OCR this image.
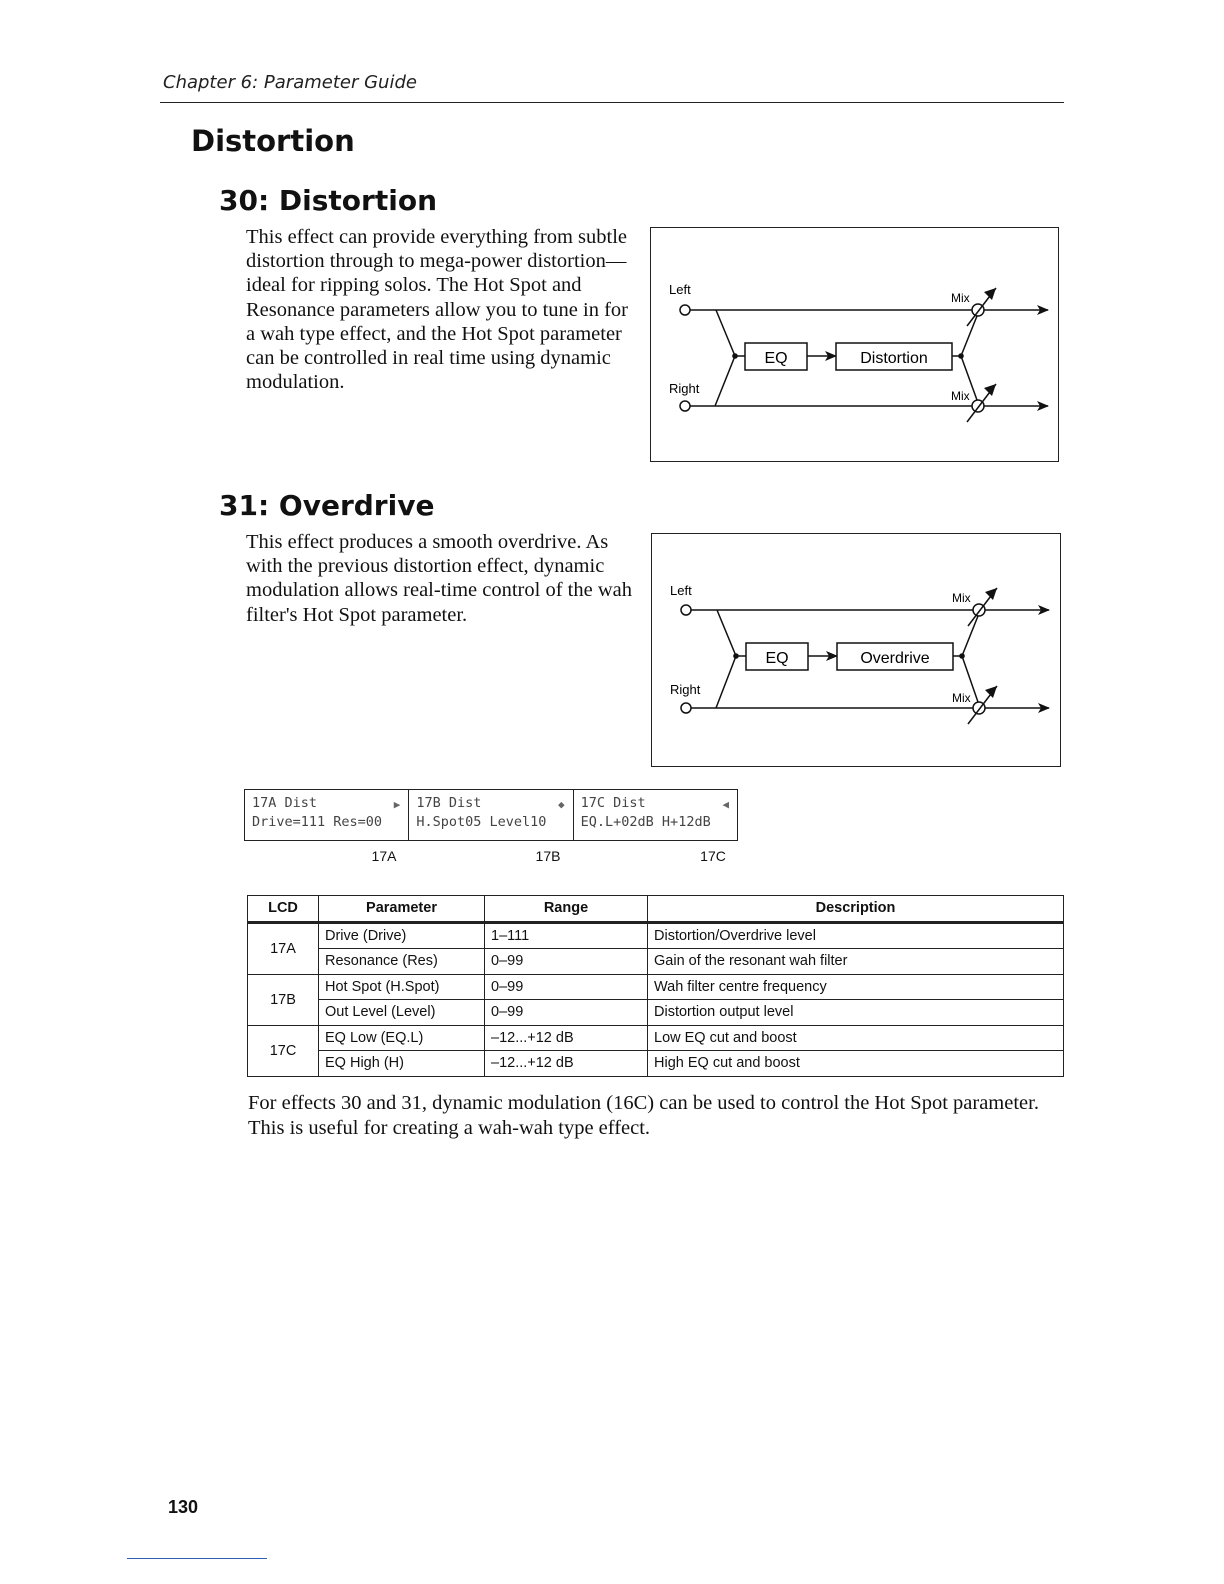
Chapter 6: Parameter Guide
Distortion
30: Distortion
This effect can provide everything from subtle distortion through to mega-power distortion—ideal for ripping solos. The Hot Spot and Resonance parameters allow you to tune in for a wah type effect, and the Hot Spot parameter can be controlled in real time using dynamic modulation.
Left
Right
EQ	Distortion
Mix
Mix
31: Overdrive
This effect produces a smooth overdrive. As with the previous distortion effect, dynamic modulation allows real-time control of the wah filter's Hot Spot parameter.
Left
Right
EQ	Overdrive
Mix
Mix
17A Dist	▶

Drive=111 Res=00
17B Dist	◆

H.Spot05 Level10
17C Dist	◀

EQ.L+02dB H+12dB
17A	17B	17C
LCD	Parameter	Range	Description
17A	Drive (Drive)	1–111	Distortion/Overdrive level
	Resonance (Res)	0–99	Gain of the resonant wah filter
17B	Hot Spot (H.Spot)	0–99	Wah filter centre frequency
	Out Level (Level)	0–99	Distortion output level
17C	EQ Low (EQ.L)	–12...+12 dB	Low EQ cut and boost
	EQ High (H)	–12...+12 dB	High EQ cut and boost
For effects 30 and 31, dynamic modulation (16C) can be used to control the Hot Spot parameter. This is useful for creating a wah-wah type effect.
130
